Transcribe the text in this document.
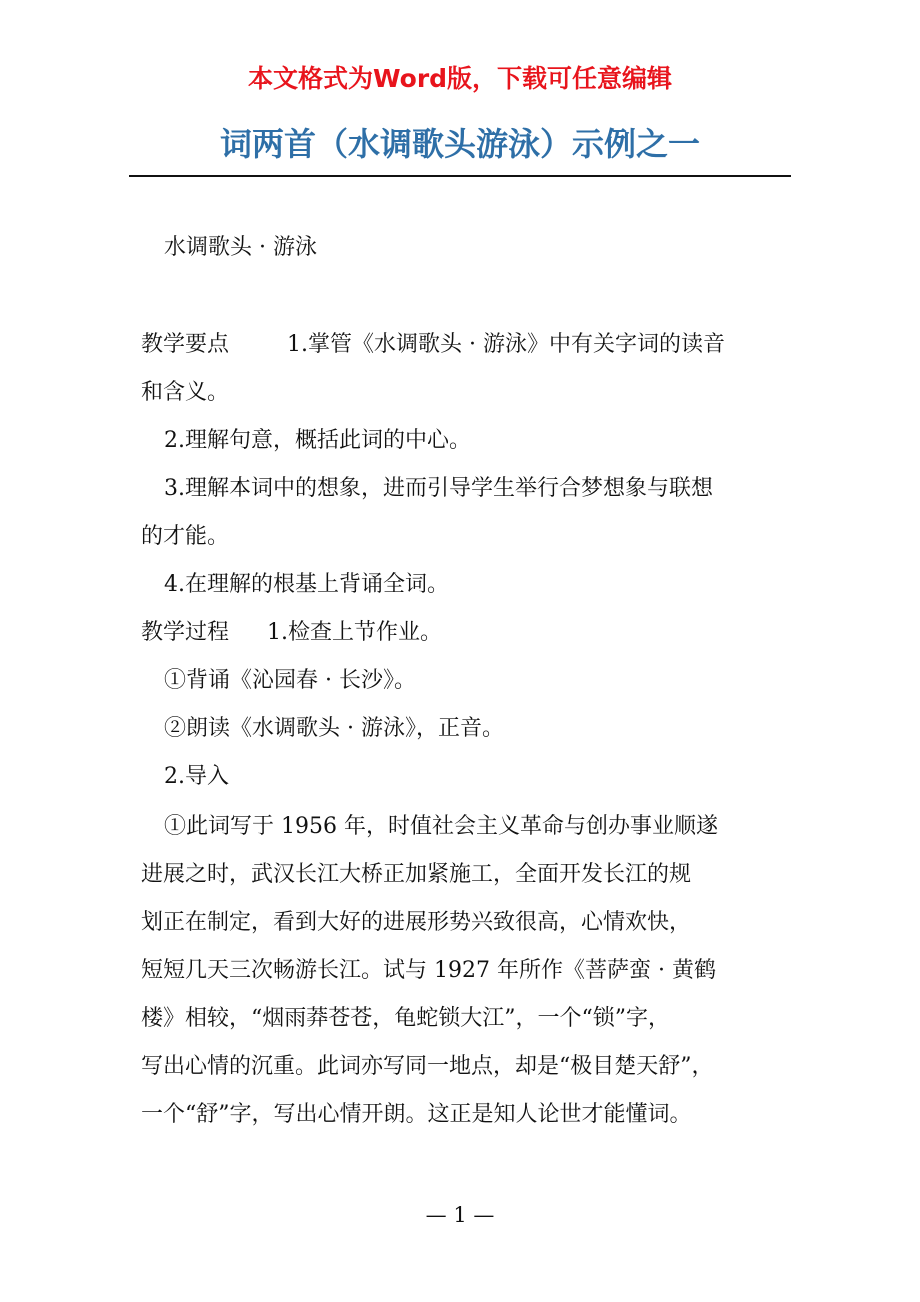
本文格式为Word版，下载可任意编辑

词两首（水调歌头游泳）示例之一

水调歌头 · 游泳

教学要点	1.掌管《水调歌头 · 游泳》中有关字词的读音

和含义。

2.理解句意，概括此词的中心。

3.理解本词中的想象，进而引导学生举行合梦想象与联想

的才能。

4.在理解的根基上背诵全词。

教学过程 1.检查上节作业。

①背诵《沁园春 · 长沙》。

②朗读《水调歌头 · 游泳》，正音。

2.导入

①此词写于 1956 年，时值社会主义革命与创办事业顺遂

进展之时，武汉长江大桥正加紧施工，全面开发长江的规

划正在制定，看到大好的进展形势兴致很高，心情欢快，

短短几天三次畅游长江。试与 1927 年所作《菩萨蛮 · 黄鹤

楼》相较，“烟雨莽苍苍，龟蛇锁大江”，一个“锁”字，

写出心情的沉重。此词亦写同一地点，却是“极目楚天舒”，

一个“舒”字，写出心情开朗。这正是知人论世才能懂词。

— 1 —
